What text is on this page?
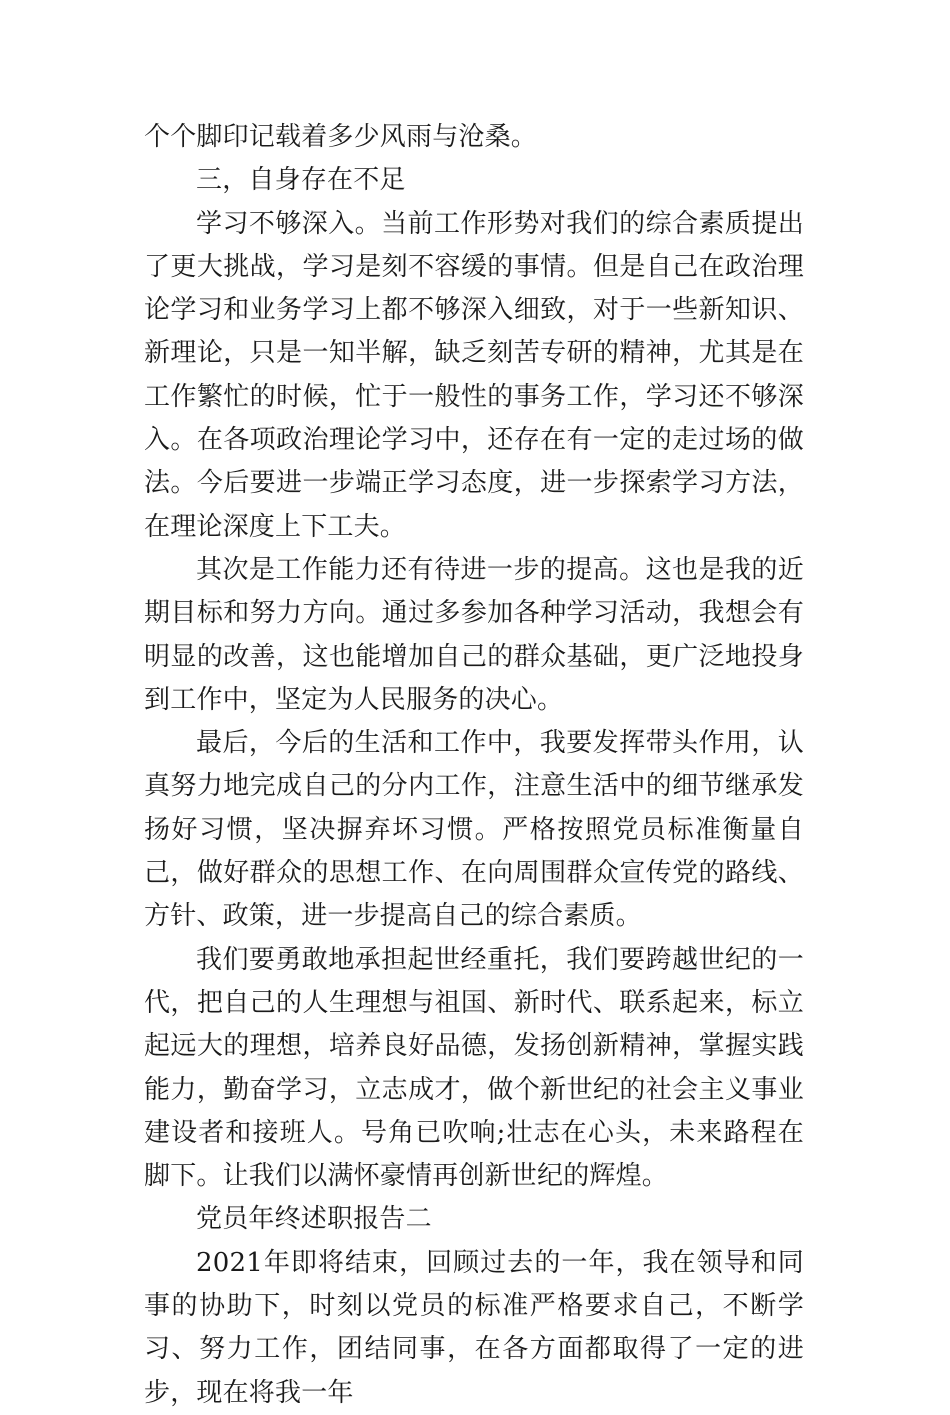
个个脚印记载着多少风雨与沧桑。

三，自身存在不足

学习不够深入。当前工作形势对我们的综合素质提出了更大挑战，学习是刻不容缓的事情。但是自己在政治理论学习和业务学习上都不够深入细致，对于一些新知识、新理论，只是一知半解，缺乏刻苦专研的精神，尤其是在工作繁忙的时候，忙于一般性的事务工作，学习还不够深入。在各项政治理论学习中，还存在有一定的走过场的做法。今后要进一步端正学习态度，进一步探索学习方法，在理论深度上下工夫。

其次是工作能力还有待进一步的提高。这也是我的近期目标和努力方向。通过多参加各种学习活动，我想会有明显的改善，这也能增加自己的群众基础，更广泛地投身到工作中，坚定为人民服务的决心。

最后，今后的生活和工作中，我要发挥带头作用，认真努力地完成自己的分内工作，注意生活中的细节继承发扬好习惯，坚决摒弃坏习惯。严格按照党员标准衡量自己，做好群众的思想工作、在向周围群众宣传党的路线、方针、政策，进一步提高自己的综合素质。

我们要勇敢地承担起世经重托，我们要跨越世纪的一代，把自己的人生理想与祖国、新时代、联系起来，标立起远大的理想，培养良好品德，发扬创新精神，掌握实践能力，勤奋学习，立志成才，做个新世纪的社会主义事业建设者和接班人。号角已吹响;壮志在心头，未来路程在脚下。让我们以满怀豪情再创新世纪的辉煌。

党员年终述职报告二

2021年即将结束，回顾过去的一年，我在领导和同事的协助下，时刻以党员的标准严格要求自己，不断学习、努力工作，团结同事，在各方面都取得了一定的进步，现在将我一年
